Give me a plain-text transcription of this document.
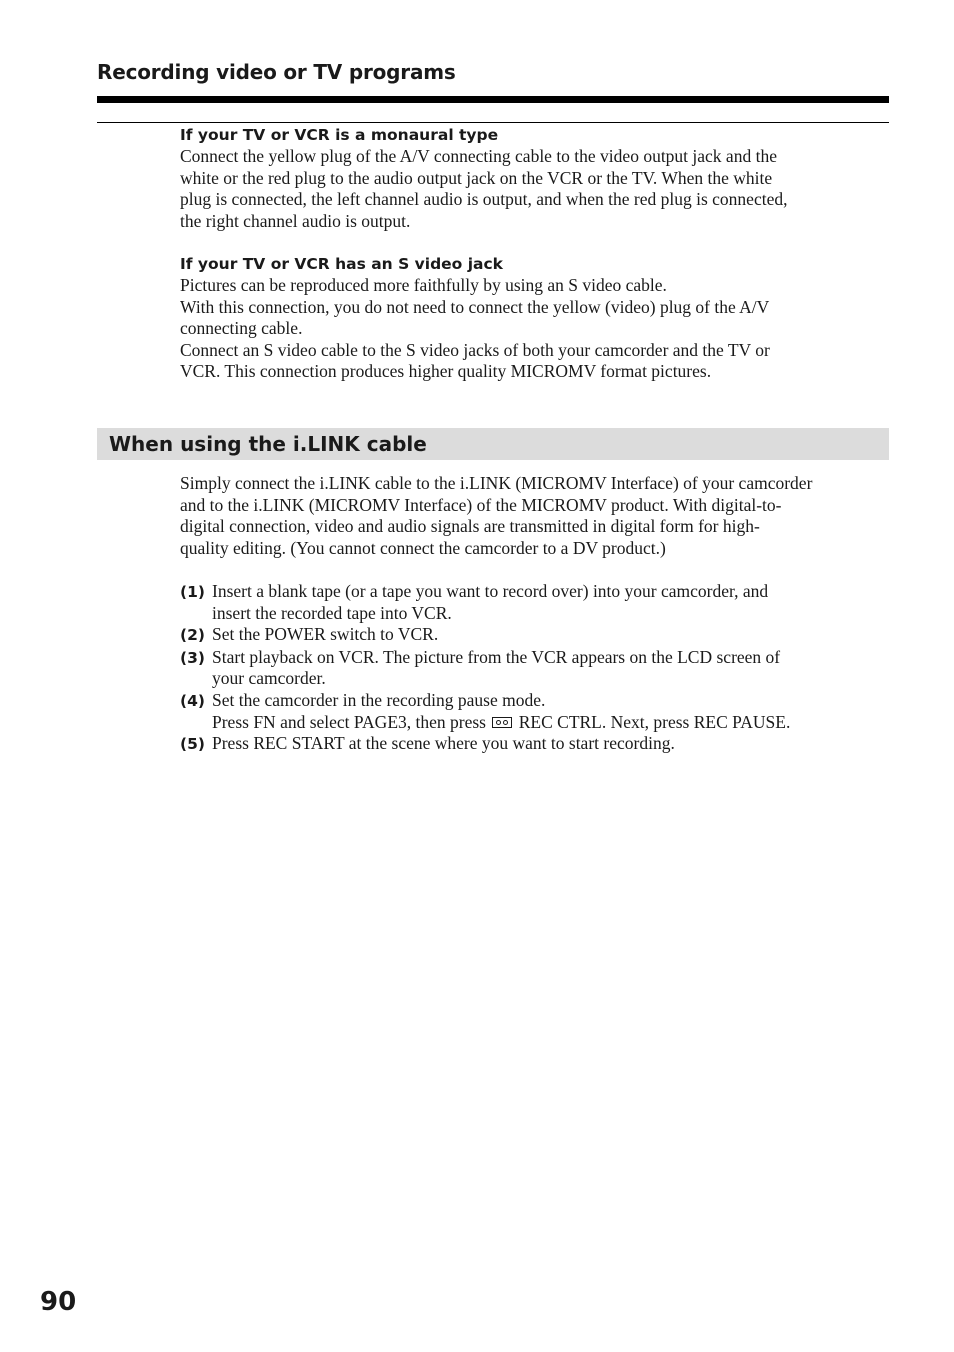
Recording video or TV programs

If your TV or VCR is a monaural type

Connect the yellow plug of the A/V connecting cable to the video output jack and the
white or the red plug to the audio output jack on the VCR or the TV. When the white
plug is connected, the left channel audio is output, and when the red plug is connected,
the right channel audio is output.

If your TV or VCR has an S video jack

Pictures can be reproduced more faithfully by using an S video cable.
With this connection, you do not need to connect the yellow (video) plug of the A/V
connecting cable.
Connect an S video cable to the S video jacks of both your camcorder and the TV or
VCR. This connection produces higher quality MICROMV format pictures.

When using the i.LINK cable

Simply connect the i.LINK cable to the i.LINK (MICROMV Interface) of your camcorder
and to the i.LINK (MICROMV Interface) of the MICROMV product. With digital-to-
digital connection, video and audio signals are transmitted in digital form for high-
quality editing. (You cannot connect the camcorder to a DV product.)

(1) Insert a blank tape (or a tape you want to record over) into your camcorder, and
insert the recorded tape into VCR.
(2) Set the POWER switch to VCR.
(3) Start playback on VCR. The picture from the VCR appears on the LCD screen of
your camcorder.
(4) Set the camcorder in the recording pause mode.
Press FN and select PAGE3, then press  REC CTRL. Next, press REC PAUSE.
(5) Press REC START at the scene where you want to start recording.
90
